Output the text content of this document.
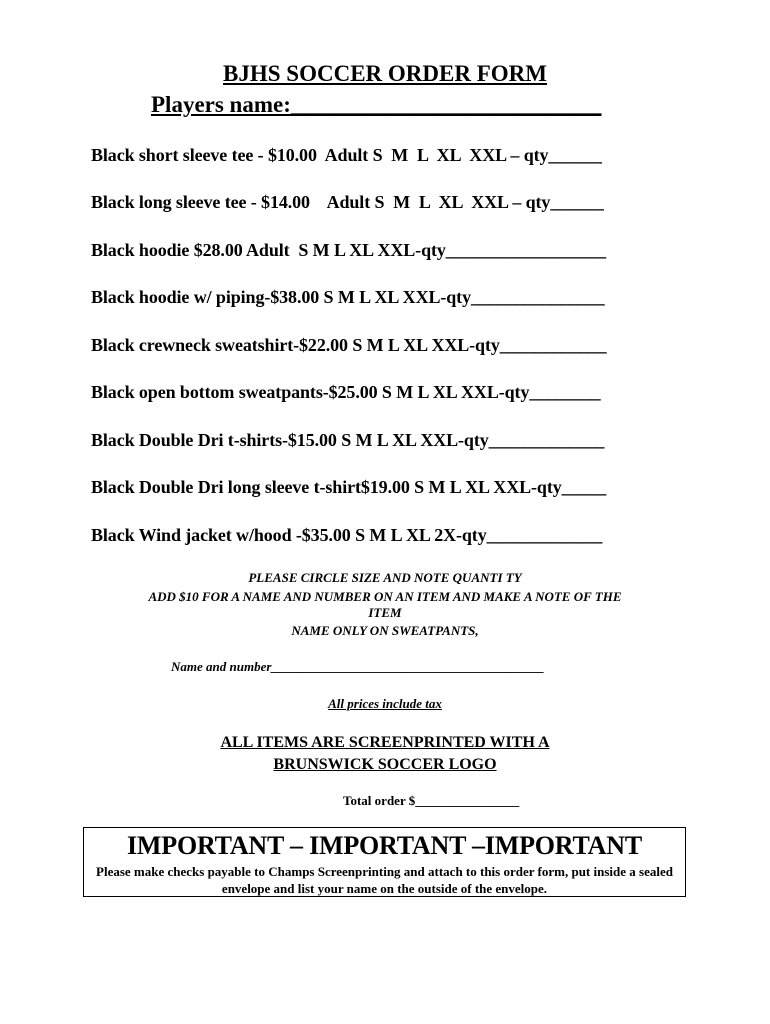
BJHS SOCCER ORDER FORM
Players name:___________________________
Black short sleeve tee - $10.00  Adult S  M  L  XL  XXL – qty______
Black long sleeve tee - $14.00    Adult S  M  L  XL  XXL – qty______
Black hoodie $28.00 Adult  S M L XL XXL-qty__________________
Black hoodie w/ piping-$38.00 S M L XL XXL-qty_______________
Black crewneck sweatshirt-$22.00 S M L XL XXL-qty____________
Black open bottom sweatpants-$25.00 S M L XL XXL-qty________
Black Double Dri t-shirts-$15.00 S M L XL XXL-qty_____________
Black Double Dri long sleeve t-shirt$19.00 S M L XL XXL-qty_____
Black Wind jacket w/hood -$35.00 S M L XL 2X-qty_____________
PLEASE CIRCLE SIZE AND NOTE QUANTI TY
ADD $10 FOR A NAME AND NUMBER ON AN ITEM AND MAKE A NOTE OF THE
ITEM
NAME ONLY ON SWEATPANTS,
Name and number__________________________________________
All prices include tax
ALL ITEMS ARE SCREENPRINTED WITH A
BRUNSWICK SOCCER LOGO
Total order $________________
IMPORTANT – IMPORTANT –IMPORTANT
Please make checks payable to Champs Screenprinting and attach to this order form, put inside a sealed envelope and list your name on the outside of the envelope.
